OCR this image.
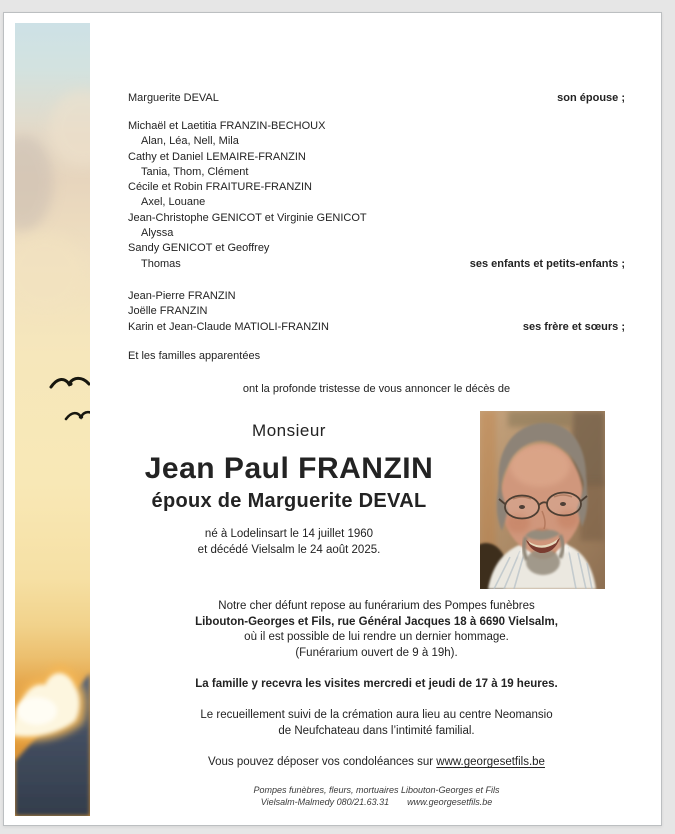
Marguerite DEVAL	son épouse ;
Michaël et Laetitia FRANZIN-BECHOUX
Alan, Léa, Nell, Mila
Cathy et Daniel LEMAIRE-FRANZIN
Tania, Thom, Clément
Cécile et Robin FRAITURE-FRANZIN
Axel, Louane
Jean-Christophe GENICOT et Virginie GENICOT
Alyssa
Sandy GENICOT et Geoffrey
Thomas	ses enfants et petits-enfants ;
Jean-Pierre FRANZIN
Joëlle FRANZIN
Karin et Jean-Claude MATIOLI-FRANZIN	ses frère et sœurs ;
Et les familles apparentées
ont la profonde tristesse de vous annoncer le décès de
Monsieur
Jean Paul FRANZIN
époux de Marguerite DEVAL
né à Lodelinsart le 14 juillet 1960
et décédé Vielsalm le 24 août 2025.
Notre cher défunt repose au funérarium des Pompes funèbres
Libouton-Georges et Fils, rue Général Jacques 18 à 6690 Vielsalm,
où il est possible de lui rendre un dernier hommage.
(Funérarium ouvert de 9 à 19h).
La famille y recevra les visites mercredi et jeudi de 17 à 19 heures.
Le recueillement suivi de la crémation aura lieu au centre Neomansio
de Neufchateau dans l’intimité familial.
Vous pouvez déposer vos condoléances sur www.georgesetfils.be
Pompes funèbres, fleurs, mortuaires Libouton-Georges et Fils
Vielsalm-Malmedy 080/21.63.31 www.georgesetfils.be
